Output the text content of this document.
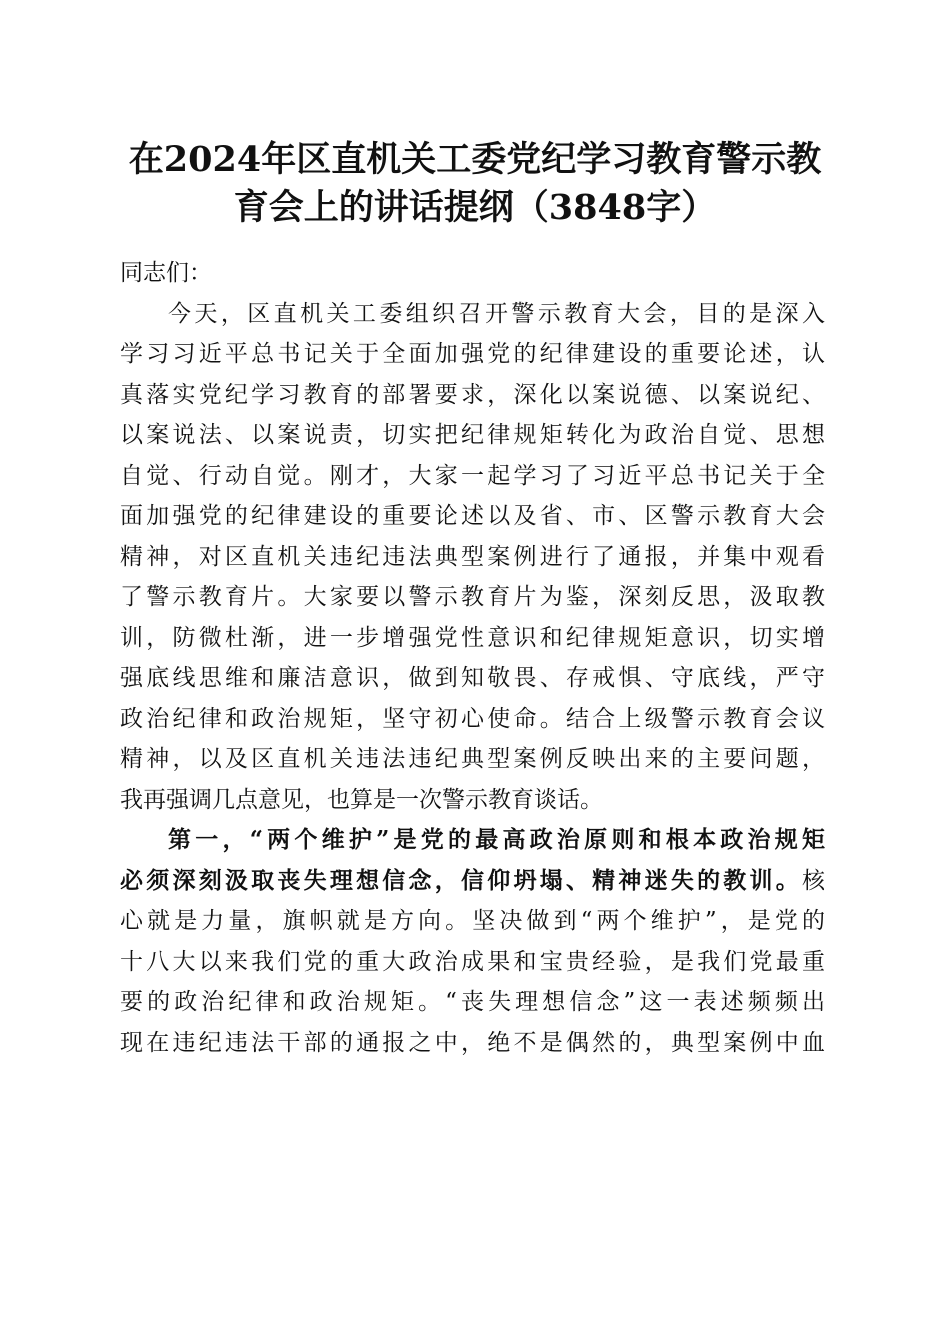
在2024年区直机关工委党纪学习教育警示教
育会上的讲话提纲（3848字）
同志们：
今天，区直机关工委组织召开警示教育大会，目的是深入
学习习近平总书记关于全面加强党的纪律建设的重要论述，认
真落实党纪学习教育的部署要求，深化以案说德、以案说纪、
以案说法、以案说责，切实把纪律规矩转化为政治自觉、思想
自觉、行动自觉。刚才，大家一起学习了习近平总书记关于全
面加强党的纪律建设的重要论述以及省、市、区警示教育大会
精神，对区直机关违纪违法典型案例进行了通报，并集中观看
了警示教育片。大家要以警示教育片为鉴，深刻反思，汲取教
训，防微杜渐，进一步增强党性意识和纪律规矩意识，切实增
强底线思维和廉洁意识，做到知敬畏、存戒惧、守底线，严守
政治纪律和政治规矩，坚守初心使命。结合上级警示教育会议
精神，以及区直机关违法违纪典型案例反映出来的主要问题，
我再强调几点意见，也算是一次警示教育谈话。
第一，“两个维护”是党的最高政治原则和根本政治规矩
必须深刻汲取丧失理想信念，信仰坍塌、精神迷失的教训。核
心就是力量，旗帜就是方向。坚决做到“两个维护”，是党的
十八大以来我们党的重大政治成果和宝贵经验，是我们党最重
要的政治纪律和政治规矩。“丧失理想信念”这一表述频频出
现在违纪违法干部的通报之中，绝不是偶然的，典型案例中血
